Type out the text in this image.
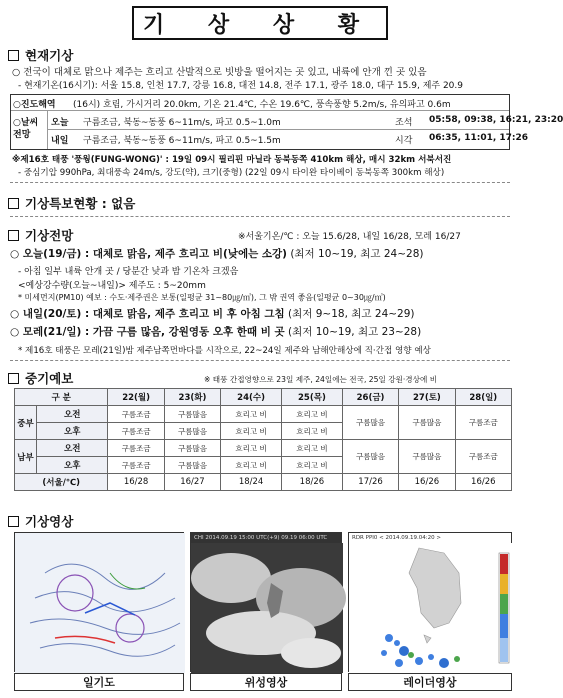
기 상 상 황
현재기상
○ 전국이 대체로 맑으나 제주는 흐리고 산발적으로 빗방울 떨어지는 곳 있고, 내륙에 안개 낀 곳 있음
- 현재기온(16시기): 서울 15.8, 인천 17.7, 강릉 16.8, 대전 14.8, 전주 17.1, 광주 18.0, 대구 15.9, 제주 20.9
○진도해역 (16시) 흐림, 가시거리 20.0km, 기온 21.4℃, 수온 19.6℃, 풍속풍향 5.2m/s, 유의파고 0.6m
○날씨 전망
오늘 구름조금, 북동~동풍 6~11m/s, 파고 0.5~1.0m	조석 05:58, 09:38, 16:21, 23:20
내일 구름조금, 북동~동풍 6~11m/s, 파고 0.5~1.5m	시각 06:35, 11:01, 17:26
※제16호 태풍 '풍웡(FUNG-WONG)' : 19일 09시 필리핀 마닐라 동북동쪽 410km 해상, 매시 32km 서북서진
- 중심기압 990hPa, 최대풍속 24m/s, 강도(약), 크기(중형) (22일 09시 타이완 타이베이 동북동쪽 300km 해상)
기상특보현황 : 없음
기상전망	※서울기온/℃ : 오늘 15.6/28, 내일 16/28, 모레 16/27
○ 오늘(19/금) : 대체로 맑음, 제주 흐리고 비(낮에는 소강) (최저 10~19, 최고 24~28)
- 아침 일부 내륙 안개 곳 / 당분간 낮과 밤 기온차 크겠음
<예상강수량(오늘~내일)> 제주도 : 5~20mm
* 미세먼지(PM10) 예보 : 수도·제주권은 보통(일평균 31~80㎍/㎥), 그 밖 권역 좋음(일평균 0~30㎍/㎥)
○ 내일(20/토) : 대체로 맑음, 제주 흐리고 비 후 아침 그침 (최저 9~18, 최고 24~29)
○ 모레(21/일) : 가끔 구름 많음, 강원영동 오후 한때 비 곳 (최저 10~19, 최고 23~28)
* 제16호 태풍은 모레(21일)밤 제주남쪽먼바다를 시작으로, 22~24일 제주와 남해안해상에 직·간접 영향 예상
중기예보	※ 태풍 간접영향으로 23일 제주, 24일에는 전국, 25일 강원·경상에 비
구 분		22(월)	23(화)	24(수)	25(목)	26(금)	27(토)	28(일)
중부	오전	구름조금	구름많음	흐리고 비	흐리고 비	구름많음	구름많음	구름조금
	오후	구름조금	구름많음	흐리고 비	흐리고 비			
남부	오전	구름조금	구름많음	흐리고 비	흐리고 비	구름많음	구름많음	구름조금
	오후	구름조금	구름많음	흐리고 비	흐리고 비			
(서울/℃)		16/28	16/27	18/24	18/26	17/26	16/26	16/26
기상영상
일기도
CHI 2014.09.19 15:00 UTC(+9) 09.19 06:00 UTC
위성영상
RDR PPI0 < 2014.09.19.04:20 >
레이더영상
